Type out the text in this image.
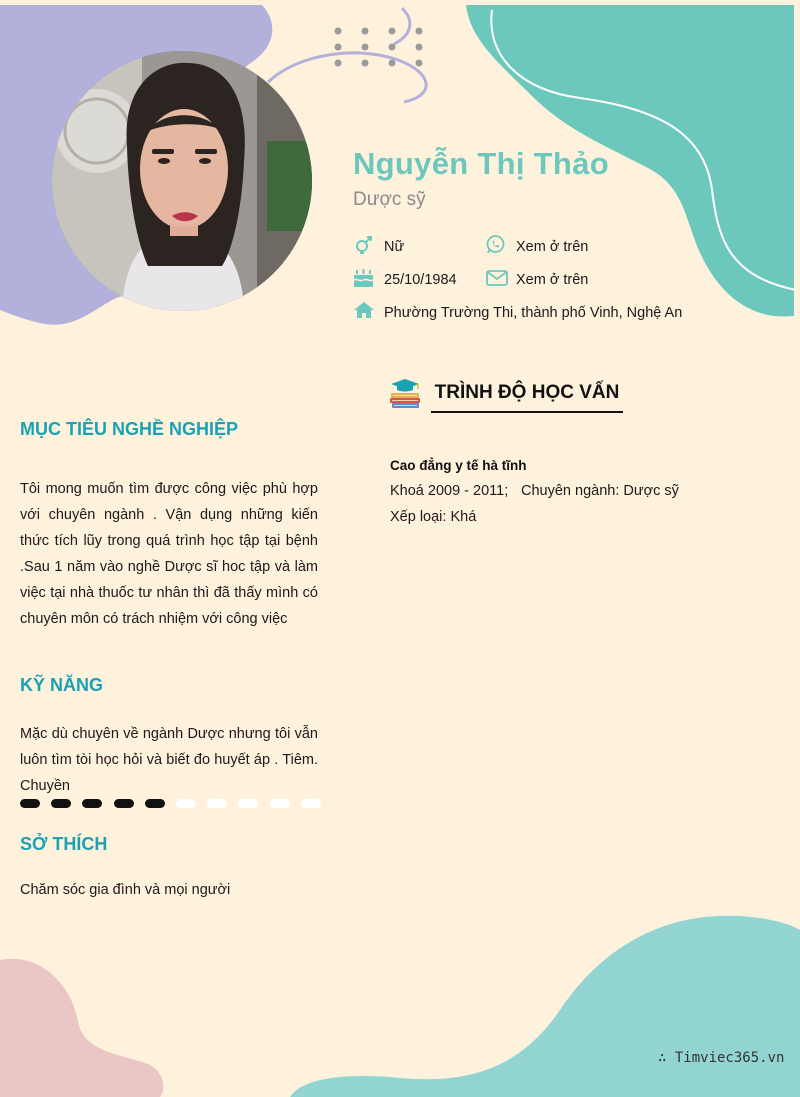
Nguyễn Thị Thảo
Dược sỹ
Nữ	Xem ở trên
25/10/1984	Xem ở trên
Phường Trường Thi, thành phố Vinh, Nghệ An
MỤC TIÊU NGHỀ NGHIỆP
Tôi mong muốn tìm được công việc phù hợp với chuyên ngành . Vận dụng những kiến thức tích lũy trong quá trình học tập tại bệnh .Sau 1 năm vào nghề Dược sĩ hoc tập và làm việc tại nhà thuốc tư nhân thì đã thấy mình có chuyên môn có trách nhiệm với công việc
KỸ NĂNG
Mặc dù chuyên về ngành Dược nhưng tôi vẫn luôn tìm tòi học hỏi và biết đo huyết áp . Tiêm. Chuyền
SỞ THÍCH
Chăm sóc gia đình và mọi người
TRÌNH ĐỘ HỌC VẤN
Cao đẳng y tế hà tĩnh
Khoá 2009 - 2011; Chuyên ngành: Dược sỹ
Xếp loại: Khá
∴ Timviec365.vn
